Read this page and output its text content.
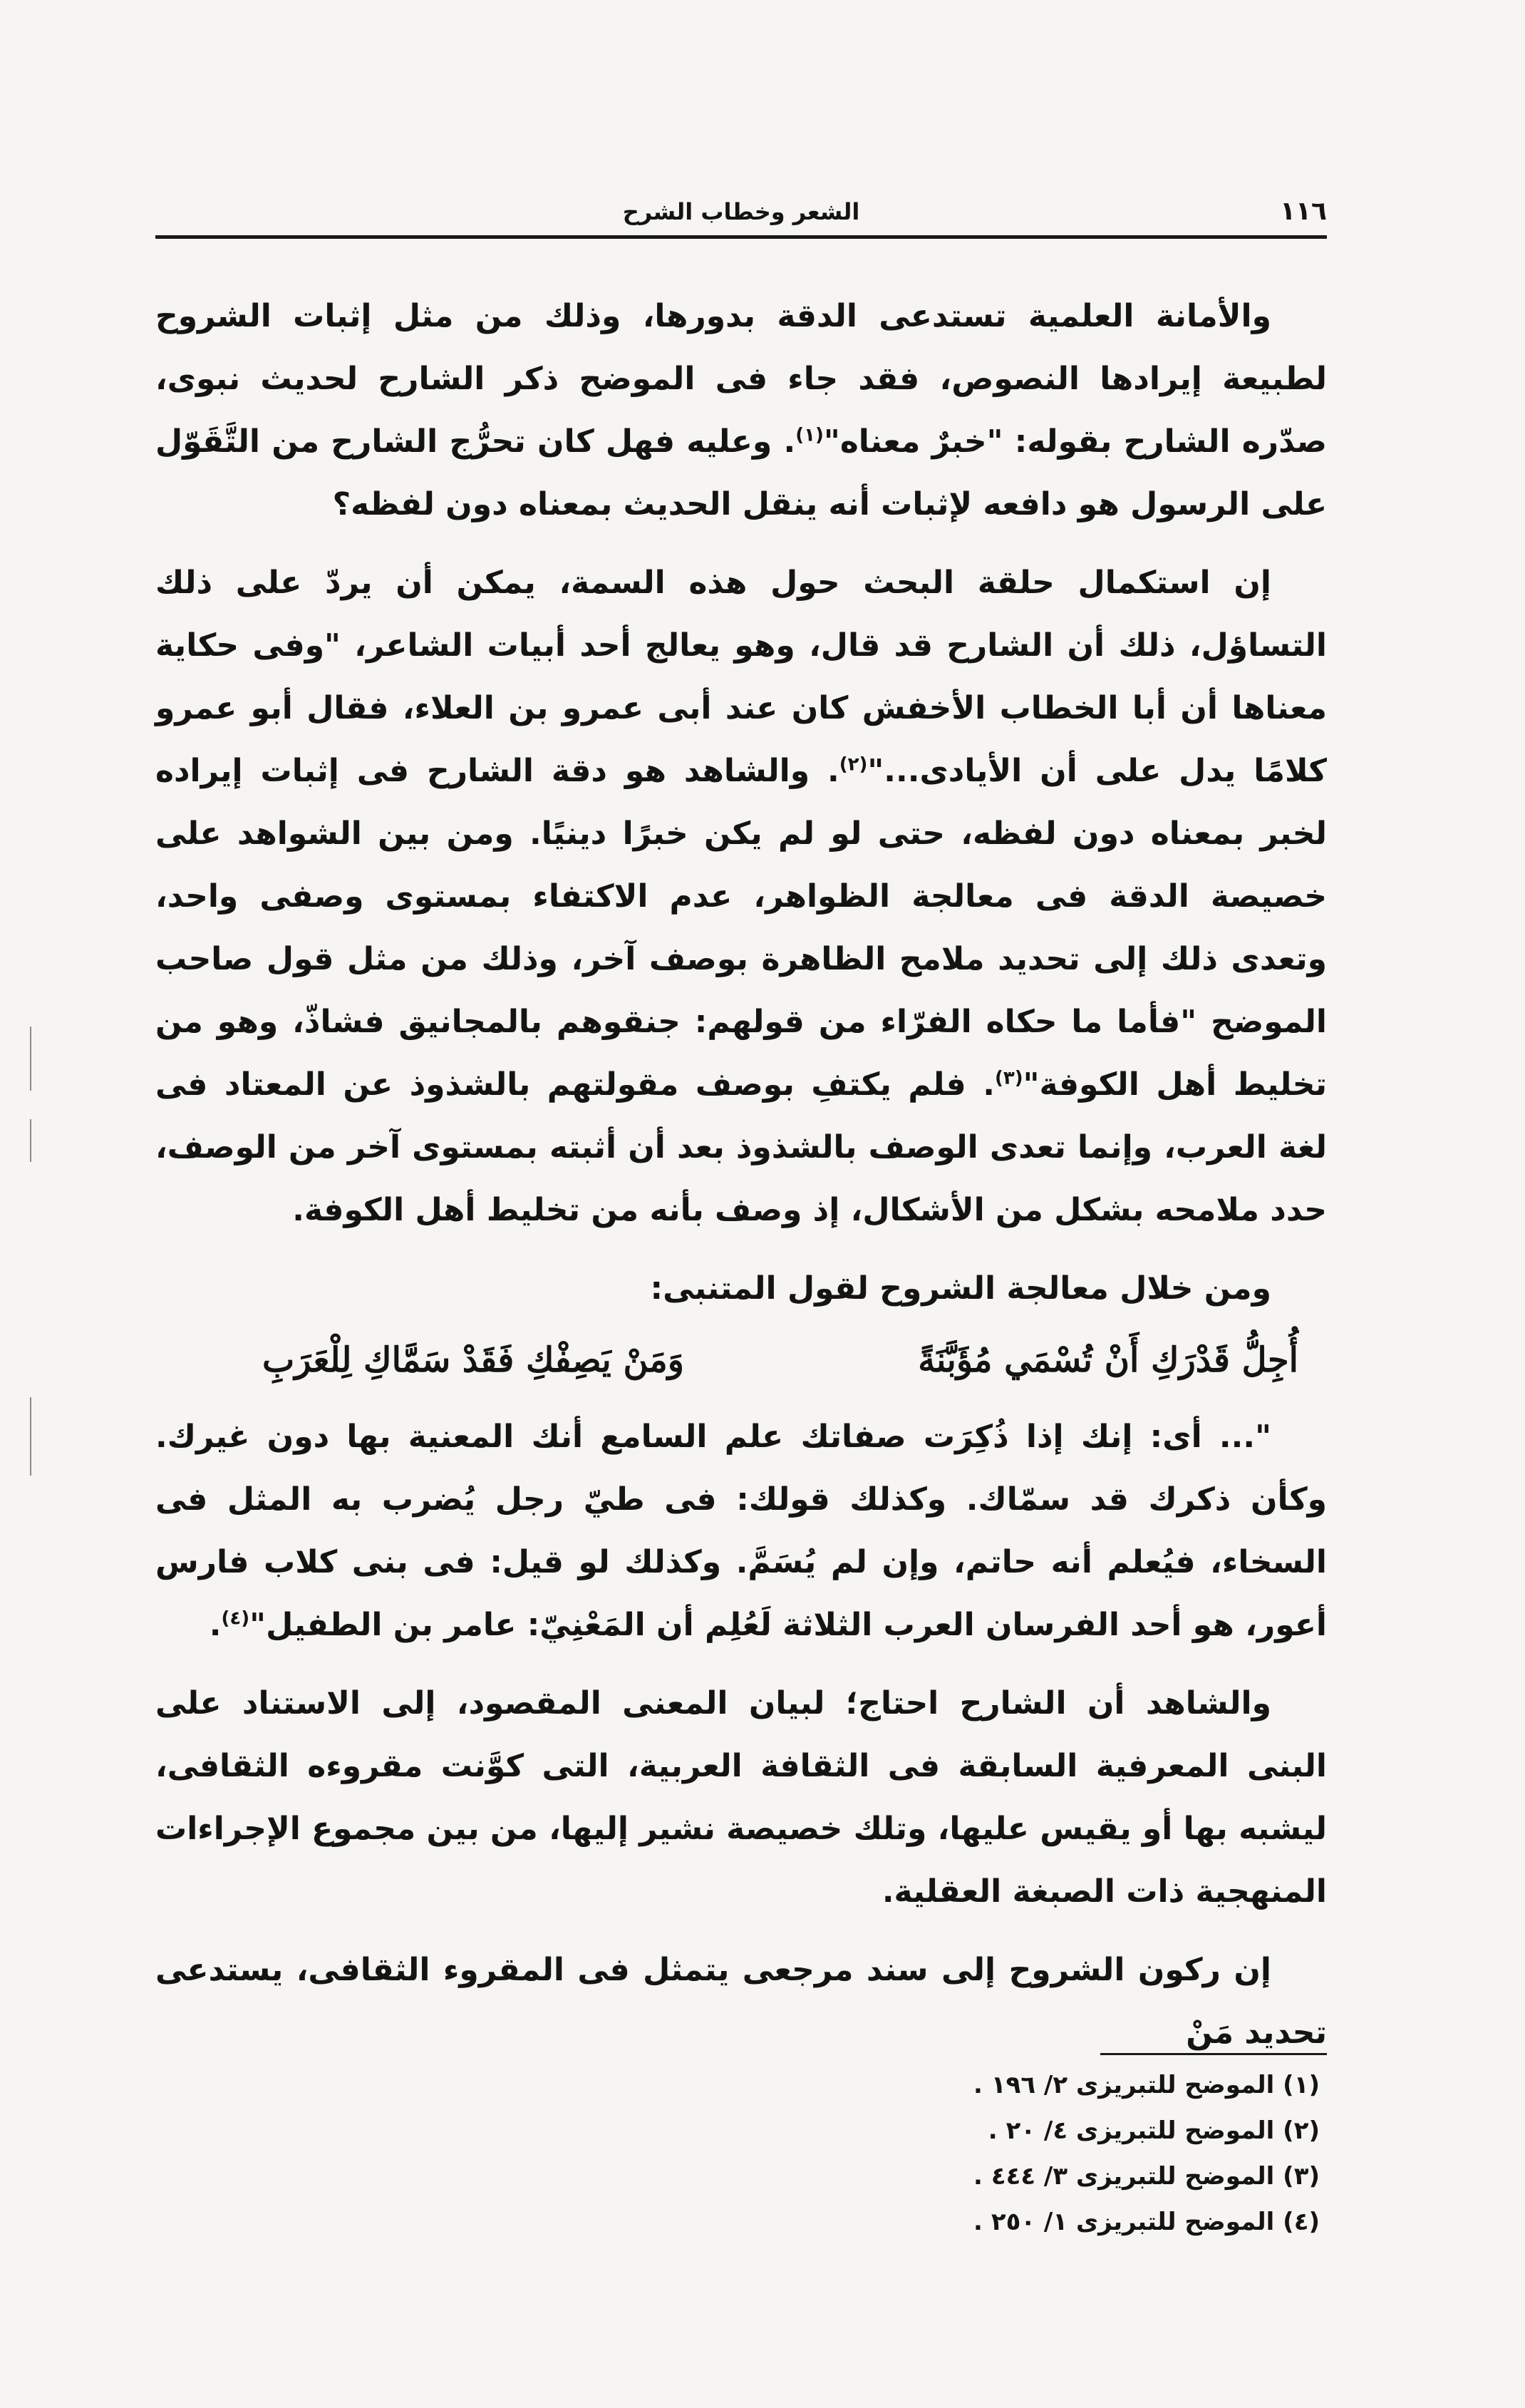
١١٦
الشعر وخطاب الشرح

والأمانة العلمية تستدعى الدقة بدورها، وذلك من مثل إثبات الشروح لطبيعة إيرادها النصوص، فقد جاء فى الموضح ذكر الشارح لحديث نبوى، صدّره الشارح بقوله: "خبرٌ معناه"$^{(١)}$. وعليه فهل كان تحرُّج الشارح من التَّقَوّل على الرسول هو دافعه لإثبات أنه ينقل الحديث بمعناه دون لفظه؟

إن استكمال حلقة البحث حول هذه السمة، يمكن أن يردّ على ذلك التساؤل، ذلك أن الشارح قد قال، وهو يعالج أحد أبيات الشاعر، "وفى حكاية معناها أن أبا الخطاب الأخفش كان عند أبى عمرو بن العلاء، فقال أبو عمرو كلامًا يدل على أن الأيادى..."$^{(٢)}$. والشاهد هو دقة الشارح فى إثبات إيراده لخبر بمعناه دون لفظه، حتى لو لم يكن خبرًا دينيًا. ومن بين الشواهد على خصيصة الدقة فى معالجة الظواهر، عدم الاكتفاء بمستوى وصفى واحد، وتعدى ذلك إلى تحديد ملامح الظاهرة بوصف آخر، وذلك من مثل قول صاحب الموضح "فأما ما حكاه الفرّاء من قولهم: جنقوهم بالمجانيق فشاذّ، وهو من تخليط أهل الكوفة"$^{(٣)}$. فلم يكتفِ بوصف مقولتهم بالشذوذ عن المعتاد فى لغة العرب، وإنما تعدى الوصف بالشذوذ بعد أن أثبته بمستوى آخر من الوصف، حدد ملامحه بشكل من الأشكال، إذ وصف بأنه من تخليط أهل الكوفة.

ومن خلال معالجة الشروح لقول المتنبى:

أُجِلُّ قَدْرَكِ أَنْ تُسْمَي مُؤَبَّنَةً
وَمَنْ يَصِفْكِ فَقَدْ سَمَّاكِ لِلْعَرَبِ

"... أى: إنك إذا ذُكِرَت صفاتك علم السامع أنك المعنية بها دون غيرك. وكأن ذكرك قد سمّاك. وكذلك قولك: فى طيّ رجل يُضرب به المثل فى السخاء، فيُعلم أنه حاتم، وإن لم يُسَمَّ. وكذلك لو قيل: فى بنى كلاب فارس أعور، هو أحد الفرسان العرب الثلاثة لَعُلِم أن المَعْنِيّ: عامر بن الطفيل"$^{(٤)}$.

والشاهد أن الشارح احتاج؛ لبيان المعنى المقصود، إلى الاستناد على البنى المعرفية السابقة فى الثقافة العربية، التى كوَّنت مقروءه الثقافى، ليشبه بها أو يقيس عليها، وتلك خصيصة نشير إليها، من بين مجموع الإجراءات المنهجية ذات الصبغة العقلية.

إن ركون الشروح إلى سند مرجعى يتمثل فى المقروء الثقافى، يستدعى تحديد مَنْ

(١) الموضح للتبريزى ٢/ ١٩٦ .
(٢) الموضح للتبريزى ٤/ ٢٠ .
(٣) الموضح للتبريزى ٣/ ٤٤٤ .
(٤) الموضح للتبريزى ١/ ٢٥٠ .
